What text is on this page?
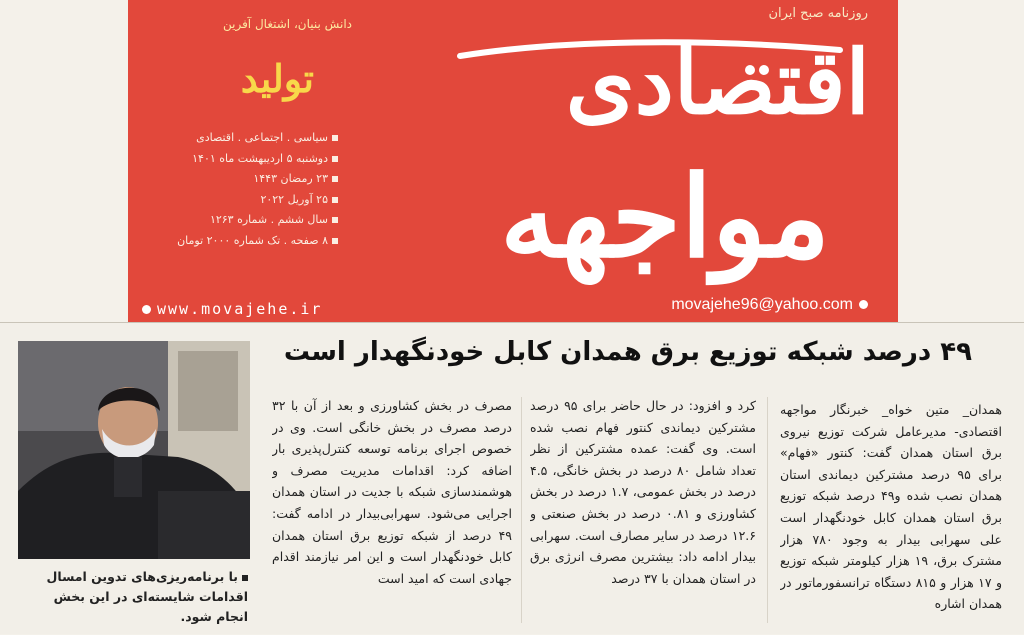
روزنامه صبح ایران
اقتصادی
مواجهه
دانش بنیان، اشتغال آفرین
تولید
سیاسی . اجتماعی . اقتصادی
دوشنبه ۵ اردیبهشت ماه ۱۴۰۱
۲۳ رمضان ۱۴۴۳
۲۵ آوریل ۲۰۲۲
سال ششم . شماره ۱۲۶۳
۸ صفحه . تک شماره ۲۰۰۰ تومان
www.movajehe.ir	movajehe96@yahoo.com
۴۹ درصد شبکه توزیع برق همدان کابل خودنگهدار است
همدان_ متین خواه_ خبرنگار مواجهه اقتصادی- مدیرعامل شرکت توزیع نیروی برق استان همدان گفت: کنتور «فهام» برای ۹۵ درصد مشترکین دیماندی استان همدان نصب شده و۴۹ درصد شبکه توزیع برق استان همدان کابل خودنگهدار است علی سهرابی بیدار به وجود ۷۸۰ هزار مشترک برق، ۱۹ هزار کیلومتر شبکه توزیع و ۱۷ هزار و ۸۱۵ دستگاه ترانسفورماتور در همدان اشاره
کرد و افزود: در حال حاضر برای ۹۵ درصد مشترکین دیماندی کنتور فهام نصب شده است. وی گفت: عمده مشترکین از نظر تعداد شامل ۸۰ درصد در بخش خانگی، ۴.۵ درصد در بخش عمومی، ۱.۷ درصد در بخش کشاورزی و ۰.۸۱ درصد در بخش صنعتی و ۱۲.۶ درصد در سایر مصارف است. سهرابی بیدار ادامه داد: بیشترین مصرف انرژی برق در استان همدان با ۳۷ درصد
مصرف در بخش کشاورزی و بعد از آن با ۳۲ درصد مصرف در بخش خانگی است. وی در خصوص اجرای برنامه توسعه کنترل‌پذیری بار اضافه کرد: اقدامات مدیریت مصرف و هوشمندسازی شبکه با جدیت در استان همدان اجرایی می‌شود. سهرابی‌بیدار در ادامه گفت: ۴۹ درصد از شبکه توزیع برق استان همدان کابل خودنگهدار است و این امر نیازمند اقدام جهادی است که امید است
با برنامه‌ریزی‌های تدوین امسال اقدامات شایسته‌ای در این بخش انجام شود.
